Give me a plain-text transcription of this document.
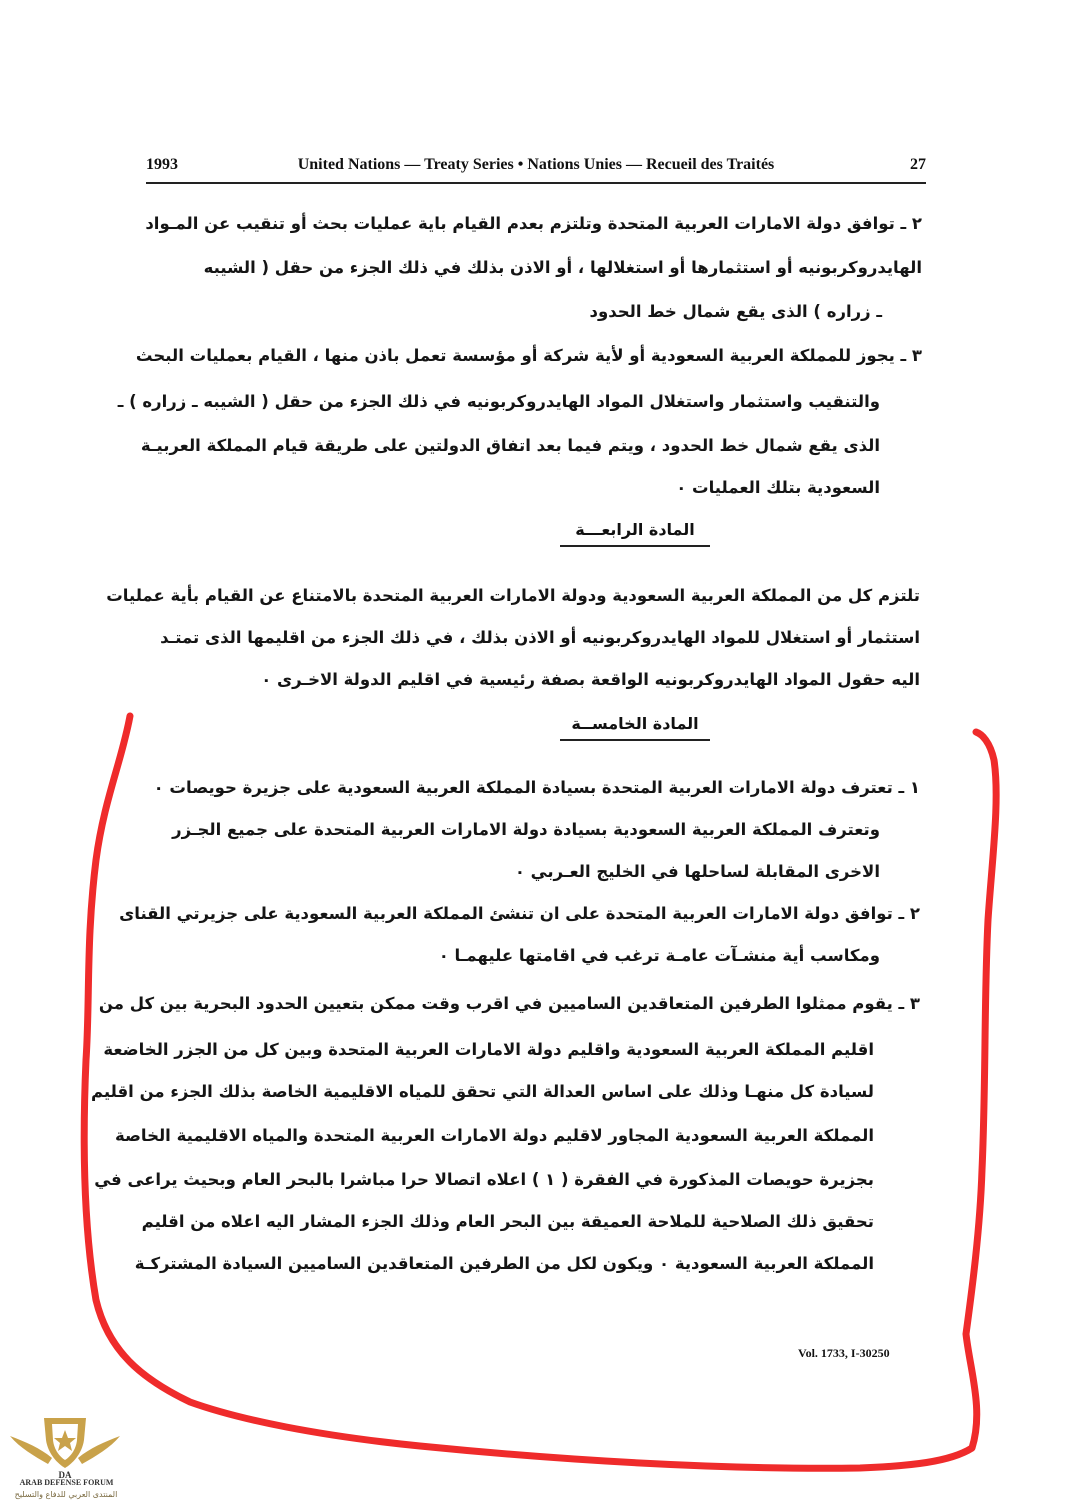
1993	United Nations — Treaty Series • Nations Unies — Recueil des Traités	27
٢ ـ توافق دولة الامارات العربية المتحدة وتلتزم بعدم القيام باية عمليات بحث أو تنقيب عن المـواد
الهايدروكربونيه أو استثمارها أو استغلالها ، أو الاذن بذلك في ذلك الجزء من حقل ( الشيبه
ـ زراره ) الذى يقع شمال خط الحدود
٣ ـ يجوز للمملكة العربية السعودية أو لأية شركة أو مؤسسة تعمل باذن منها ، القيام بعمليات البحث
والتنقيب واستثمار واستغلال المواد الهايدروكربونيه في ذلك الجزء من حقل ( الشيبه ـ زراره ) ـ
الذى يقع شمال خط الحدود ، ويتم فيما بعد اتفاق الدولتين على طريقة قيام المملكة العربيـة
السعودية بتلك العمليات ٠
المادة الرابعـــة
تلتزم كل من المملكة العربية السعودية ودولة الامارات العربية المتحدة بالامتناع عن القيام بأية عمليات
استثمار أو استغلال للمواد الهايدروكربونيه أو الاذن بذلك ، في ذلك الجزء من اقليمها الذى تمتـد
اليه حقول المواد الهايدروكربونيه الواقعة بصفة رئيسية في اقليم الدولة الاخـرى ٠
المادة الخامســة
١ ـ تعترف دولة الامارات العربية المتحدة بسيادة المملكة العربية السعودية على جزيرة حويصات ٠
وتعترف المملكة العربية السعودية بسيادة دولة الامارات العربية المتحدة على جميع الجـزر
الاخرى المقابلة لساحلها في الخليج العـربي ٠
٢ ـ توافق دولة الامارات العربية المتحدة على ان تنشئ المملكة العربية السعودية على جزيرتي القناى
ومكاسب أية منشـآت عامـة ترغب في اقامتها عليهمـا ٠
٣ ـ يقوم ممثلوا الطرفين المتعاقدين الساميين في اقرب وقت ممكن بتعيين الحدود البحرية بين كل من
اقليم المملكة العربية السعودية واقليم دولة الامارات العربية المتحدة وبين كل من الجزر الخاضعة
لسيادة كل منهـا وذلك على اساس العدالة التي تحقق للمياه الاقليمية الخاصة بذلك الجزء من اقليم
المملكة العربية السعودية المجاور لاقليم دولة الامارات العربية المتحدة والمياه الاقليمية الخاصة
بجزيرة حويصات المذكورة في الفقرة ( ١ ) اعلاه اتصالا حرا مباشرا بالبحر العام وبحيث يراعى في
تحقيق ذلك الصلاحية للملاحة العميقة بين البحر العام وذلك الجزء المشار اليه اعلاه من اقليم
المملكة العربية السعودية ٠ ويكون لكل من الطرفين المتعاقدين الساميين السيادة المشتركـة
Vol. 1733, I-30250
DA
ARAB DEFENSE FORUM
المنتدى العربي للدفاع والتسليح
